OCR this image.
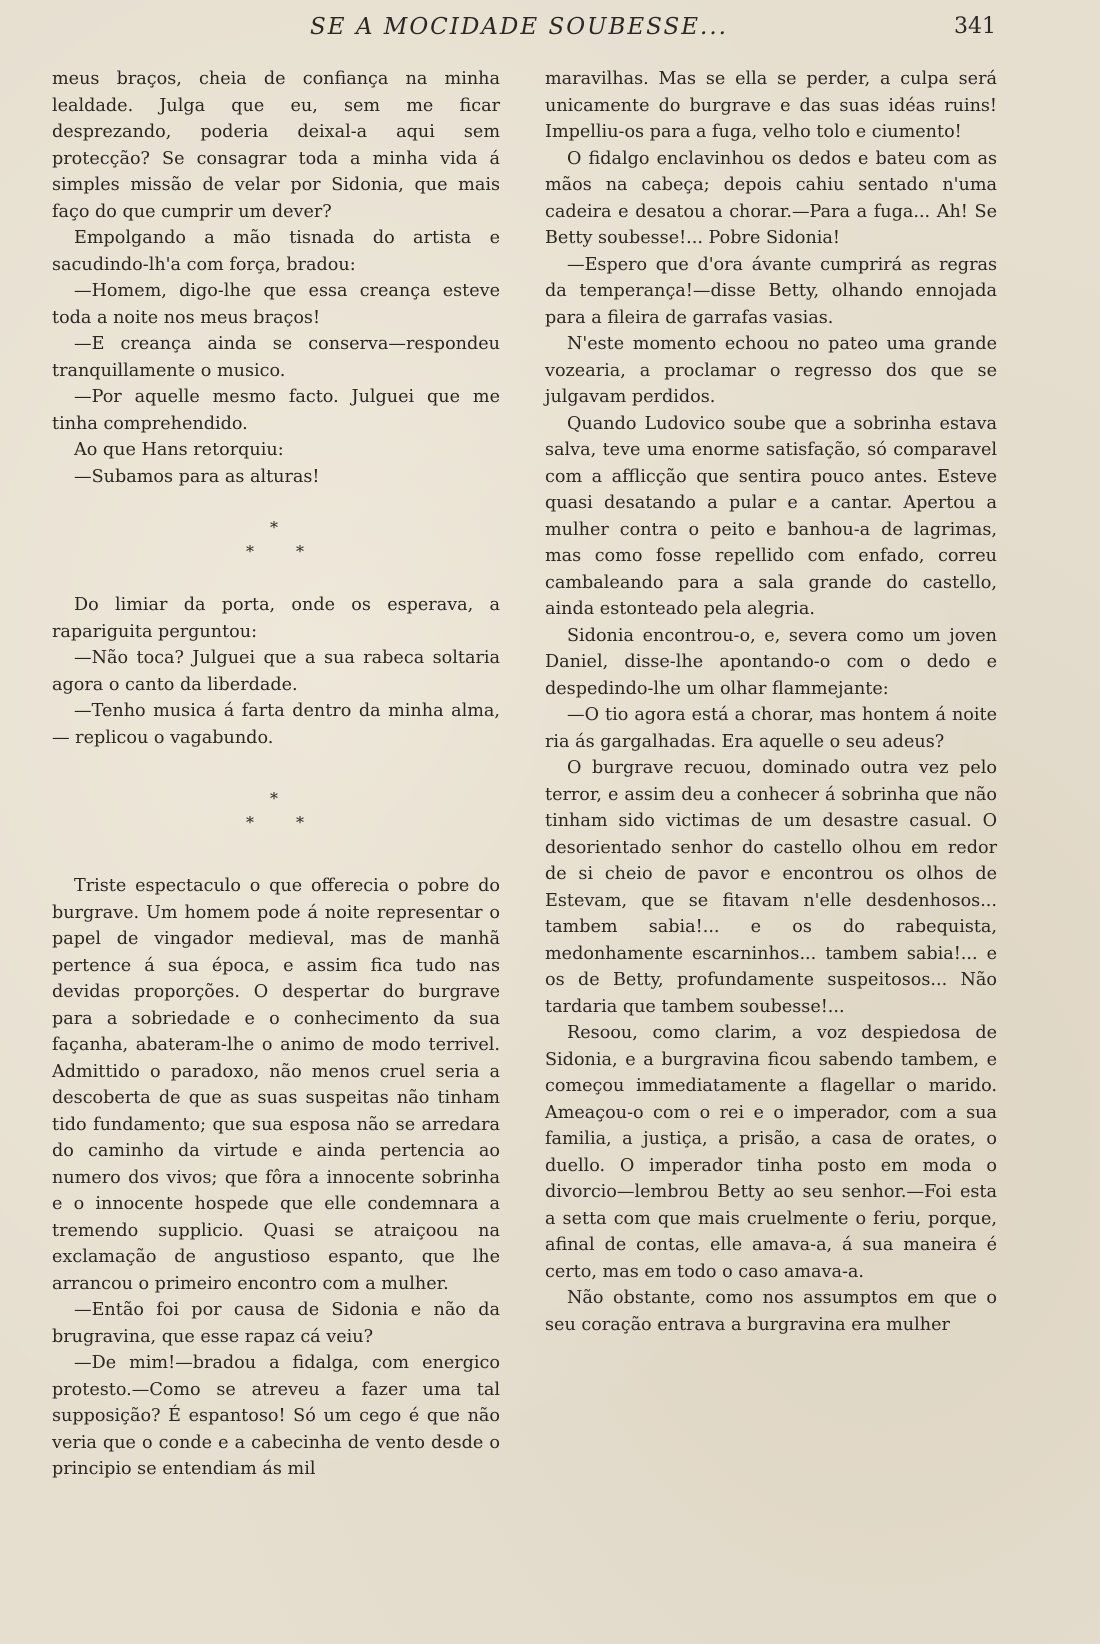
SE A MOCIDADE SOUBESSE...	341

meus braços, cheia de confiança na minha lealdade. Julga que eu, sem me ficar desprezando, poderia deixal-a aqui sem protecção? Se consagrar toda a minha vida á simples missão de velar por Sidonia, que mais faço do que cumprir um dever?

Empolgando a mão tisnada do artista e sacudindo-lh'a com força, bradou:

—Homem, digo-lhe que essa creança esteve toda a noite nos meus braços!

—E creança ainda se conserva—respondeu tranquillamente o musico.

—Por aquelle mesmo facto. Julguei que me tinha comprehendido.

Ao que Hans retorquiu:

—Subamos para as alturas!

*
*	*

Do limiar da porta, onde os esperava, a rapariguita perguntou:

—Não toca? Julguei que a sua rabeca soltaria agora o canto da liberdade.

—Tenho musica á farta dentro da minha alma, — replicou o vagabundo.

*
*	*

Triste espectaculo o que offerecia o pobre do burgrave. Um homem pode á noite representar o papel de vingador medieval, mas de manhã pertence á sua época, e assim fica tudo nas devidas proporções. O despertar do burgrave para a sobriedade e o conhecimento da sua façanha, abateram-lhe o animo de modo terrivel. Admittido o paradoxo, não menos cruel seria a descoberta de que as suas suspeitas não tinham tido fundamento; que sua esposa não se arredara do caminho da virtude e ainda pertencia ao numero dos vivos; que fôra a innocente sobrinha e o innocente hospede que elle condemnara a tremendo supplicio. Quasi se atraiçoou na exclamação de angustioso espanto, que lhe arrancou o primeiro encontro com a mulher.

—Então foi por causa de Sidonia e não da brugravina, que esse rapaz cá veiu?

—De mim!—bradou a fidalga, com energico protesto.—Como se atreveu a fazer uma tal supposição? É espantoso! Só um cego é que não veria que o conde e a cabecinha de vento desde o principio se entendiam ás mil

maravilhas. Mas se ella se perder, a culpa será unicamente do burgrave e das suas idéas ruins! Impelliu-os para a fuga, velho tolo e ciumento!

O fidalgo enclavinhou os dedos e bateu com as mãos na cabeça; depois cahiu sentado n'uma cadeira e desatou a chorar.—Para a fuga... Ah! Se Betty soubesse!... Pobre Sidonia!

—Espero que d'ora ávante cumprirá as regras da temperança!—disse Betty, olhando ennojada para a fileira de garrafas vasias.

N'este momento echoou no pateo uma grande vozearia, a proclamar o regresso dos que se julgavam perdidos.

Quando Ludovico soube que a sobrinha estava salva, teve uma enorme satisfação, só comparavel com a afflicção que sentira pouco antes. Esteve quasi desatando a pular e a cantar. Apertou a mulher contra o peito e banhou-a de lagrimas, mas como fosse repellido com enfado, correu cambaleando para a sala grande do castello, ainda estonteado pela alegria.

Sidonia encontrou-o, e, severa como um joven Daniel, disse-lhe apontando-o com o dedo e despedindo-lhe um olhar flammejante:

—O tio agora está a chorar, mas hontem á noite ria ás gargalhadas. Era aquelle o seu adeus?

O burgrave recuou, dominado outra vez pelo terror, e assim deu a conhecer á sobrinha que não tinham sido victimas de um desastre casual. O desorientado senhor do castello olhou em redor de si cheio de pavor e encontrou os olhos de Estevam, que se fitavam n'elle desdenhosos... tambem sabia!... e os do rabequista, medonhamente escarninhos... tambem sabia!... e os de Betty, profundamente suspeitosos... Não tardaria que tambem soubesse!...

Resoou, como clarim, a voz despiedosa de Sidonia, e a burgravina ficou sabendo tambem, e começou immediatamente a flagellar o marido. Ameaçou-o com o rei e o imperador, com a sua familia, a justiça, a prisão, a casa de orates, o duello. O imperador tinha posto em moda o divorcio—lembrou Betty ao seu senhor.—Foi esta a setta com que mais cruelmente o feriu, porque, afinal de contas, elle amava-a, á sua maneira é certo, mas em todo o caso amava-a.

Não obstante, como nos assumptos em que o seu coração entrava a burgravina era mulher
